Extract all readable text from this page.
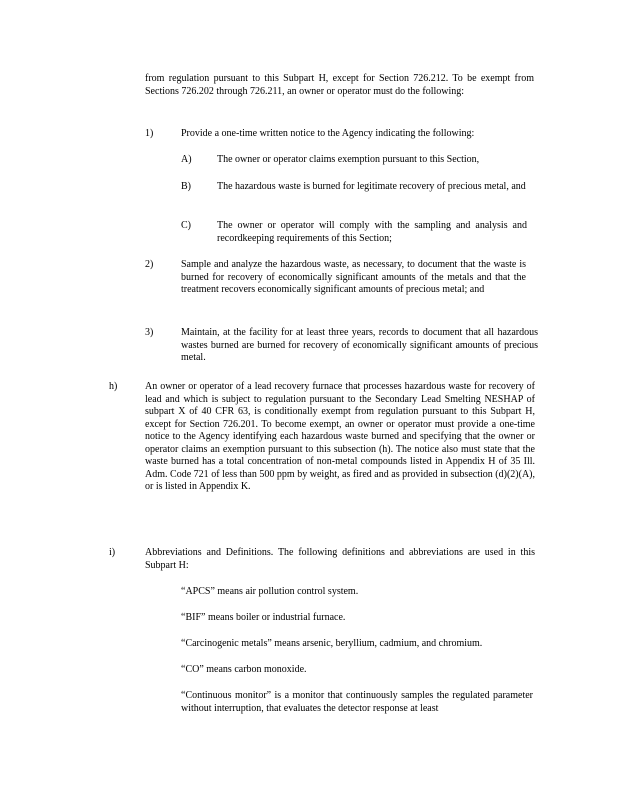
from regulation pursuant to this Subpart H, except for Section 726.212. To be exempt from Sections 726.202 through 726.211, an owner or operator must do the following:

1)	Provide a one-time written notice to the Agency indicating the following:

A)	The owner or operator claims exemption pursuant to this Section,

B)	The hazardous waste is burned for legitimate recovery of precious metal, and

C)	The owner or operator will comply with the sampling and analysis and recordkeeping requirements of this Section;

2)	Sample and analyze the hazardous waste, as necessary, to document that the waste is burned for recovery of economically significant amounts of the metals and that the treatment recovers economically significant amounts of precious metal; and

3)	Maintain, at the facility for at least three years, records to document that all hazardous wastes burned are burned for recovery of economically significant amounts of precious metal.

h)	An owner or operator of a lead recovery furnace that processes hazardous waste for recovery of lead and which is subject to regulation pursuant to the Secondary Lead Smelting NESHAP of subpart X of 40 CFR 63, is conditionally exempt from regulation pursuant to this Subpart H, except for Section 726.201. To become exempt, an owner or operator must provide a one-time notice to the Agency identifying each hazardous waste burned and specifying that the owner or operator claims an exemption pursuant to this subsection (h). The notice also must state that the waste burned has a total concentration of non-metal compounds listed in Appendix H of 35 Ill. Adm. Code 721 of less than 500 ppm by weight, as fired and as provided in subsection (d)(2)(A), or is listed in Appendix K.

i)	Abbreviations and Definitions. The following definitions and abbreviations are used in this Subpart H:

“APCS” means air pollution control system.

“BIF” means boiler or industrial furnace.

“Carcinogenic metals” means arsenic, beryllium, cadmium, and chromium.

“CO” means carbon monoxide.

“Continuous monitor” is a monitor that continuously samples the regulated parameter without interruption, that evaluates the detector response at least
